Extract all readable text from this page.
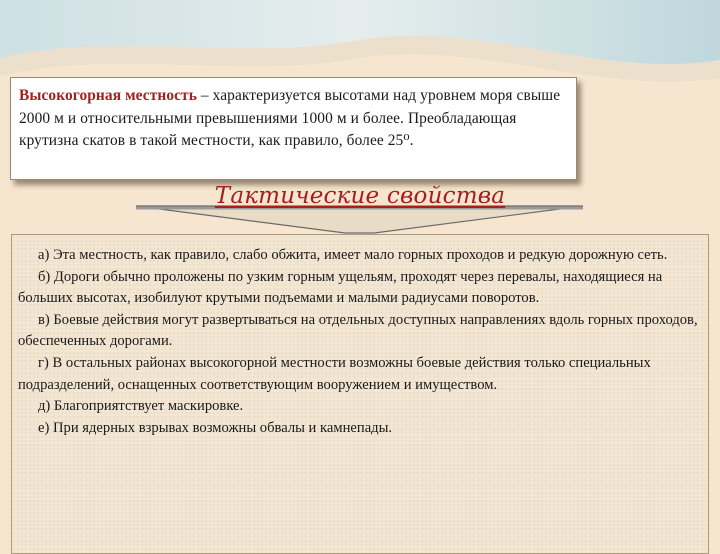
Высокогорная местность – характеризуется высотами над уровнем моря свыше 2000 м и относительными превышениями 1000 м и более. Преобладающая крутизна скатов в такой местности, как правило, более 25⁰.
Тактические свойства

а) Эта местность, как правило, слабо обжита, имеет мало горных проходов и редкую дорожную сеть.

б) Дороги обычно проложены по узким горным ущельям, проходят через перевалы, находящиеся на больших высотах, изобилуют крутыми подъемами и малыми радиусами поворотов.

в) Боевые действия могут развертываться на отдельных доступных направлениях вдоль горных проходов, обеспеченных дорогами.

г) В остальных районах высокогорной местности возможны боевые действия только специальных подразделений, оснащенных соответствующим вооружением и имуществом.

д) Благоприятствует маскировке.

е) При ядерных взрывах возможны обвалы и камнепады.
